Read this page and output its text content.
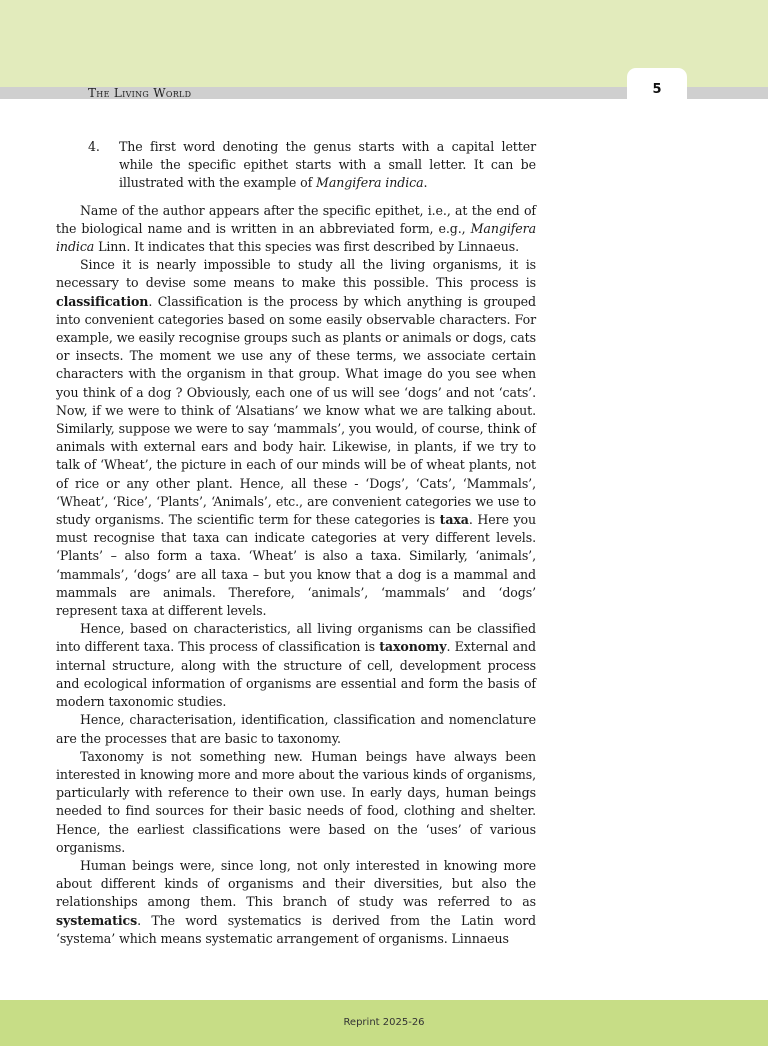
The Living World	5
4. The first word denoting the genus starts with a capital letter while the specific epithet starts with a small letter. It can be illustrated with the example of Mangifera indica.

Name of the author appears after the specific epithet, i.e., at the end of the biological name and is written in an abbreviated form, e.g., Mangifera indica Linn. It indicates that this species was first described by Linnaeus.

Since it is nearly impossible to study all the living organisms, it is necessary to devise some means to make this possible. This process is classification. Classification is the process by which anything is grouped into convenient categories based on some easily observable characters. For example, we easily recognise groups such as plants or animals or dogs, cats or insects. The moment we use any of these terms, we associate certain characters with the organism in that group. What image do you see when you think of a dog ? Obviously, each one of us will see ‘dogs’ and not ‘cats’. Now, if we were to think of ‘Alsatians’ we know what we are talking about. Similarly, suppose we were to say ‘mammals’, you would, of course, think of animals with external ears and body hair. Likewise, in plants, if we try to talk of ‘Wheat’, the picture in each of our minds will be of wheat plants, not of rice or any other plant. Hence, all these - ‘Dogs’, ‘Cats’, ‘Mammals’, ‘Wheat’, ‘Rice’, ‘Plants’, ‘Animals’, etc., are convenient categories we use to study organisms. The scientific term for these categories is taxa. Here you must recognise that taxa can indicate categories at very different levels. ‘Plants’ – also form a taxa. ‘Wheat’ is also a taxa. Similarly, ‘animals’, ‘mammals’, ‘dogs’ are all taxa – but you know that a dog is a mammal and mammals are animals. Therefore, ‘animals’, ‘mammals’ and ‘dogs’ represent taxa at different levels.

Hence, based on characteristics, all living organisms can be classified into different taxa. This process of classification is taxonomy. External and internal structure, along with the structure of cell, development process and ecological information of organisms are essential and form the basis of modern taxonomic studies.

Hence, characterisation, identification, classification and nomenclature are the processes that are basic to taxonomy.

Taxonomy is not something new. Human beings have always been interested in knowing more and more about the various kinds of organisms, particularly with reference to their own use. In early days, human beings needed to find sources for their basic needs of food, clothing and shelter. Hence, the earliest classifications were based on the ‘uses’ of various organisms.

Human beings were, since long, not only interested in knowing more about different kinds of organisms and their diversities, but also the relationships among them. This branch of study was referred to as systematics. The word systematics is derived from the Latin word ‘systema’ which means systematic arrangement of organisms. Linnaeus

Reprint 2025-26
